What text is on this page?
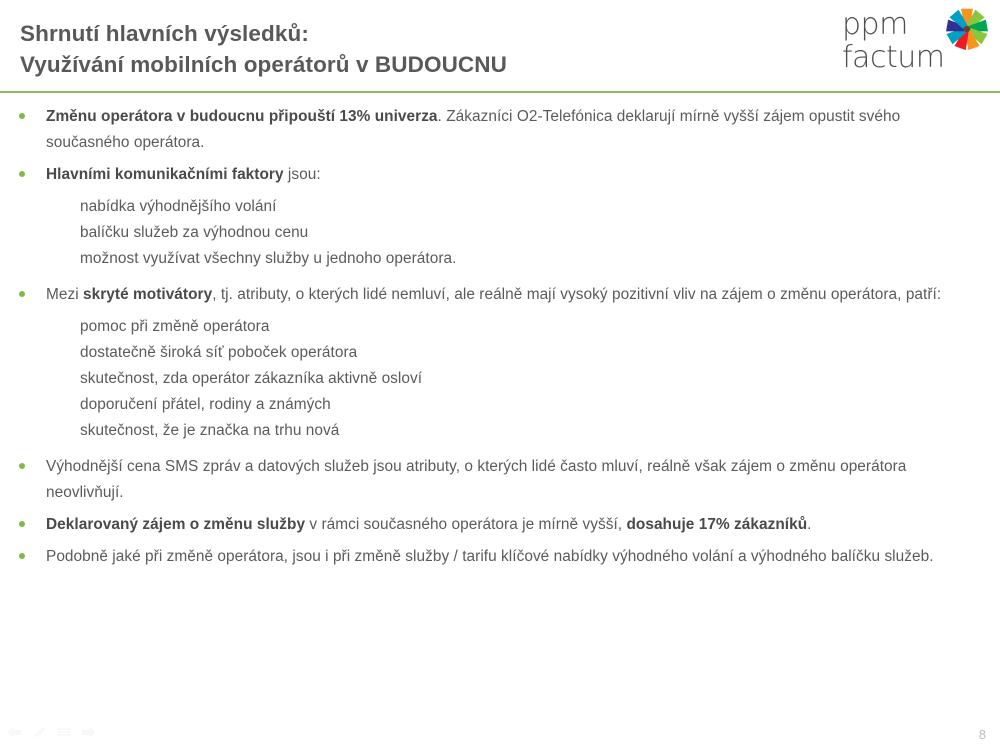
Shrnutí hlavních výsledků:
Využívání mobilních operátorů v BUDOUCNU
ppm
factum
Změnu operátora v budoucnu připouští 13% univerza. Zákazníci O2-Telefónica deklarují mírně vyšší zájem opustit svého současného operátora.
Hlavními komunikačními faktory jsou:
nabídka výhodnějšího volání
balíčku služeb za výhodnou cenu
možnost využívat všechny služby u jednoho operátora.
Mezi skryté motivátory, tj. atributy, o kterých lidé nemluví, ale reálně mají vysoký pozitivní vliv na zájem o změnu operátora, patří:
pomoc při změně operátora
dostatečně široká síť poboček operátora
skutečnost, zda operátor zákazníka aktivně osloví
doporučení přátel, rodiny a známých
skutečnost, že je značka na trhu nová
Výhodnější cena SMS zpráv a datových služeb jsou atributy, o kterých lidé často mluví, reálně však zájem o změnu operátora neovlivňují.
Deklarovaný zájem o změnu služby v rámci současného operátora je mírně vyšší, dosahuje 17% zákazníků.
Podobně jaké při změně operátora, jsou i při změně služby / tarifu klíčové nabídky výhodného volání a výhodného balíčku služeb.
8
